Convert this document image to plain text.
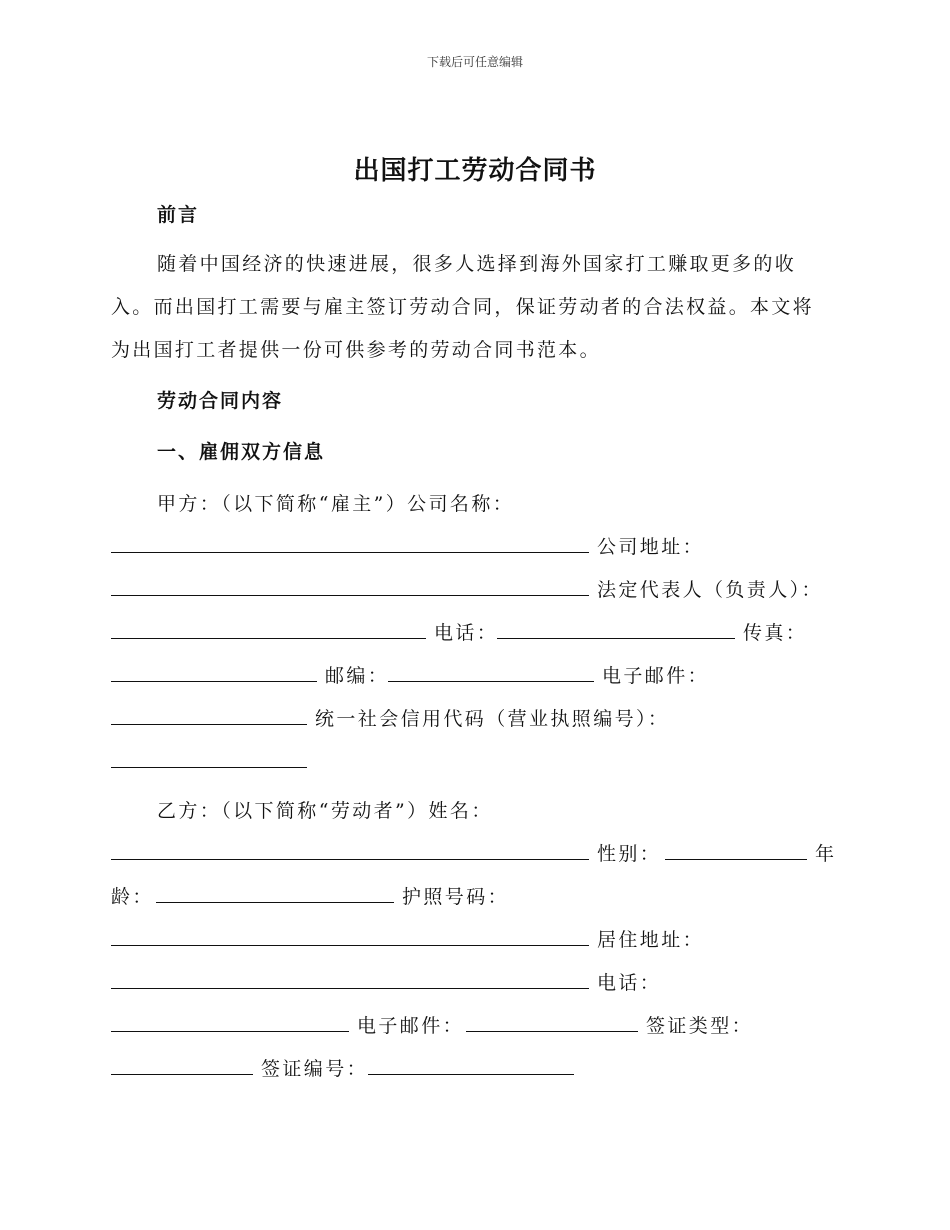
下载后可任意编辑
出国打工劳动合同书
前言
随着中国经济的快速进展，很多人选择到海外国家打工赚取更多的收
入。而出国打工需要与雇主签订劳动合同，保证劳动者的合法权益。本文将
为出国打工者提供一份可供参考的劳动合同书范本。
劳动合同内容
一、雇佣双方信息
甲方：（以下简称“雇主”）公司名称：
公司地址：
法定代表人（负责人）：
电话：	传真：
邮编：	电子邮件：
统一社会信用代码（营业执照编号）：
乙方：（以下简称“劳动者”）姓名：
性别：	年
龄：	护照号码：
居住地址：
电话：
电子邮件：	签证类型：
签证编号：
